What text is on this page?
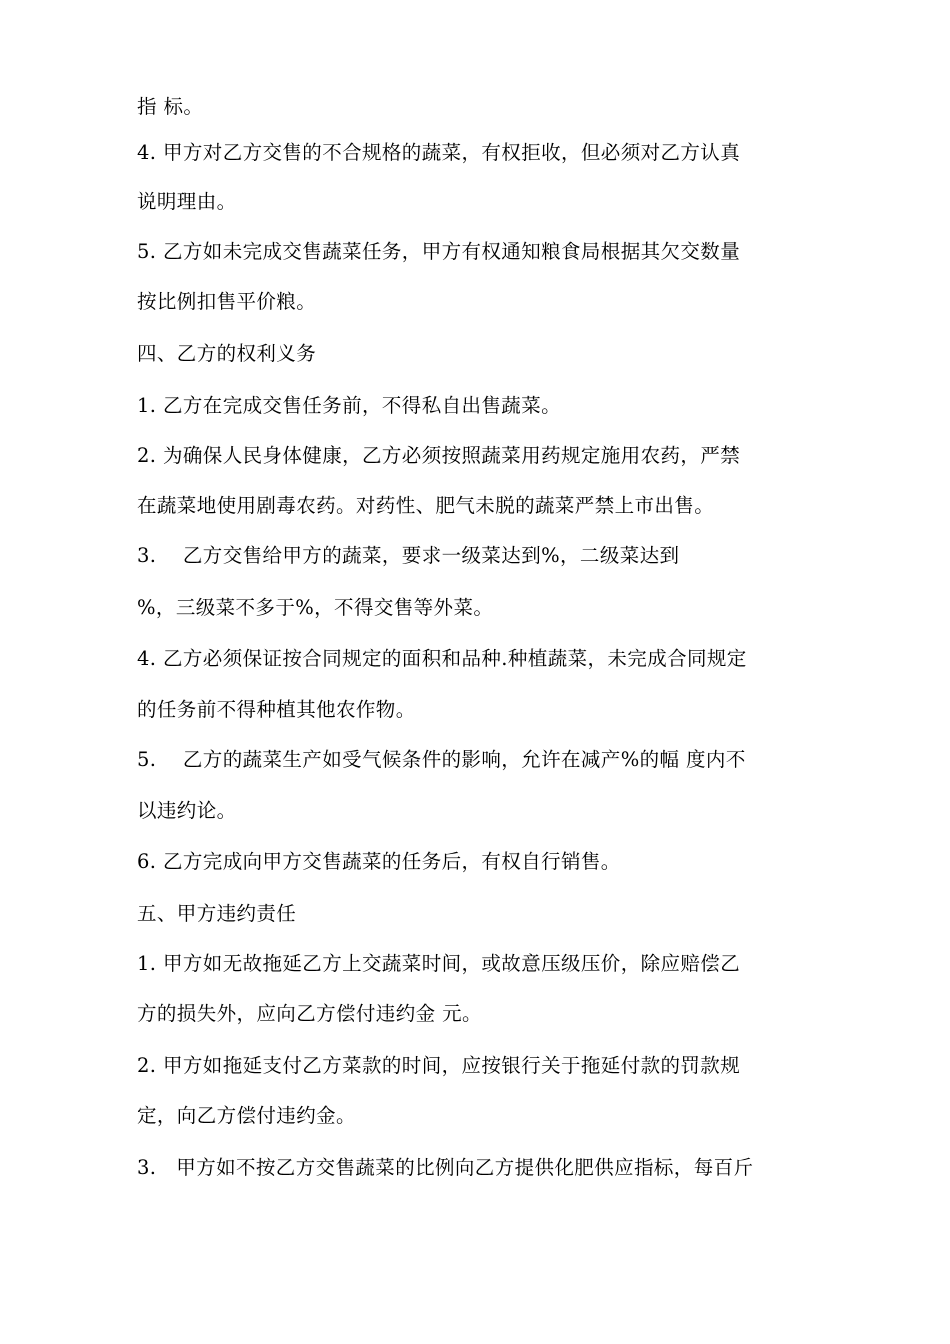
指 标。
4. 甲方对乙方交售的不合规格的蔬菜，有权拒收，但必须对乙方认真
说明理由。
5. 乙方如未完成交售蔬菜任务，甲方有权通知粮食局根据其欠交数量
按比例扣售平价粮。
四、乙方的权利义务
1. 乙方在完成交售任务前，不得私自出售蔬菜。
2. 为确保人民身体健康，乙方必须按照蔬菜用药规定施用农药，严禁
在蔬菜地使用剧毒农药。对药性、肥气未脱的蔬菜严禁上市出售。
3.　 乙方交售给甲方的蔬菜，要求一级菜达到%，二级菜达到
%，三级菜不多于%，不得交售等外菜。
4. 乙方必须保证按合同规定的面积和品种.种植蔬菜，未完成合同规定
的任务前不得种植其他农作物。
5.　 乙方的蔬菜生产如受气候条件的影响，允许在减产%的幅 度内不
以违约论。
6. 乙方完成向甲方交售蔬菜的任务后，有权自行销售。
五、甲方违约责任
1. 甲方如无故拖延乙方上交蔬菜时间，或故意压级压价，除应赔偿乙
方的损失外，应向乙方偿付违约金 元。
2. 甲方如拖延支付乙方菜款的时间，应按银行关于拖延付款的罚款规
定，向乙方偿付违约金。
3.　甲方如不按乙方交售蔬菜的比例向乙方提供化肥供应指标，每百斤
